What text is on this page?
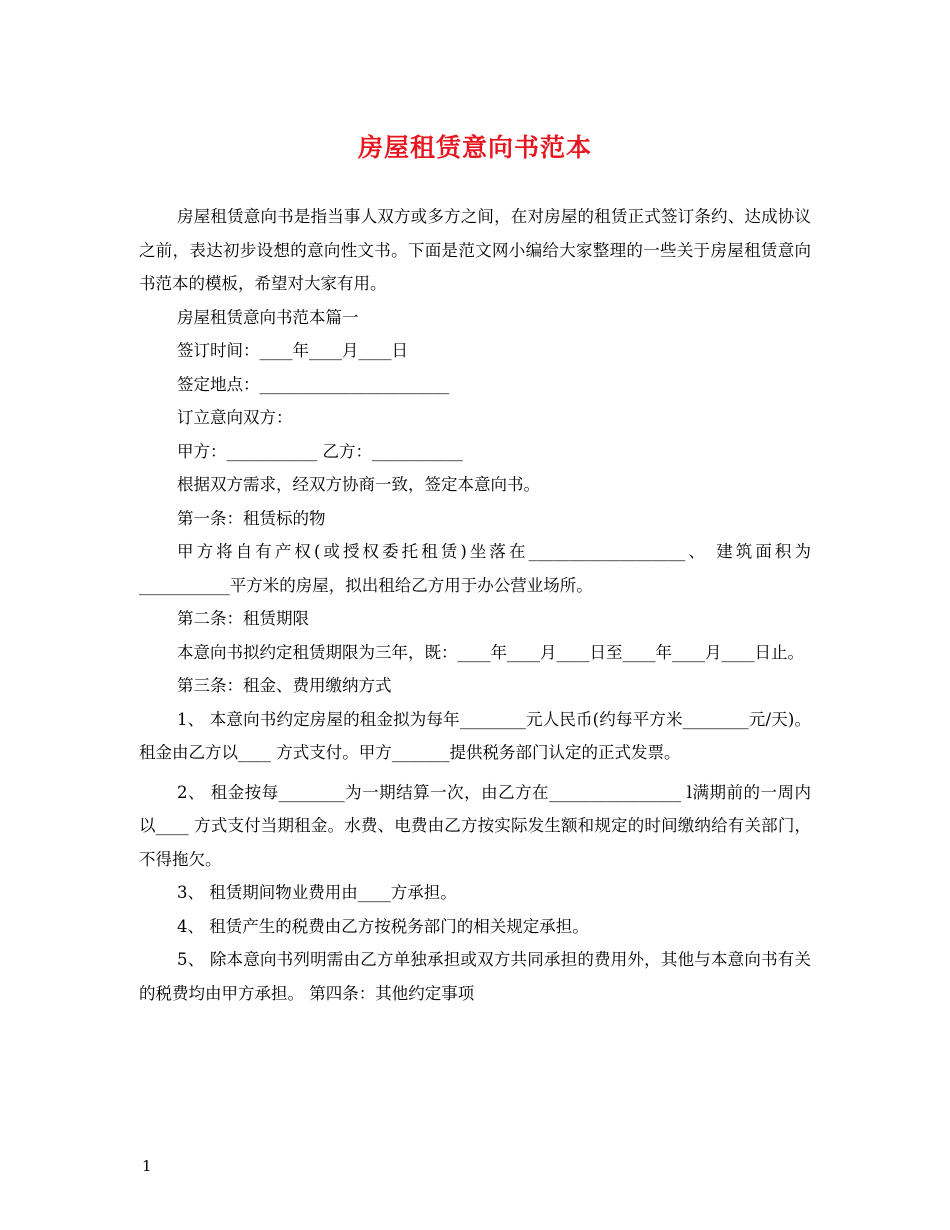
房屋租赁意向书范本

房屋租赁意向书是指当事人双方或多方之间，在对房屋的租赁正式签订条约、达成协议之前，表达初步设想的意向性文书。下面是范文网小编给大家整理的一些关于房屋租赁意向书范本的模板，希望对大家有用。

房屋租赁意向书范本篇一

签订时间：____年____月____日

签定地点：_______________________

订立意向双方：

甲方：___________ 乙方：___________

根据双方需求，经双方协商一致，签定本意向书。

第一条：租赁标的物

甲方将自有产权(或授权委托租赁)坐落在___________________、 建筑面积为___________平方米的房屋，拟出租给乙方用于办公营业场所。

第二条：租赁期限

本意向书拟约定租赁期限为三年，既：____年____月____日至____年____月____日止。

第三条：租金、费用缴纳方式

1、 本意向书约定房屋的租金拟为每年________元人民币(约每平方米________元/天)。租金由乙方以____ 方式支付。甲方_______提供税务部门认定的正式发票。

2、 租金按每________为一期结算一次，由乙方在________________ l满期前的一周内以____ 方式支付当期租金。水费、电费由乙方按实际发生额和规定的时间缴纳给有关部门，不得拖欠。

3、 租赁期间物业费用由____方承担。

4、 租赁产生的税费由乙方按税务部门的相关规定承担。

5、 除本意向书列明需由乙方单独承担或双方共同承担的费用外，其他与本意向书有关的税费均由甲方承担。 第四条：其他约定事项

1
